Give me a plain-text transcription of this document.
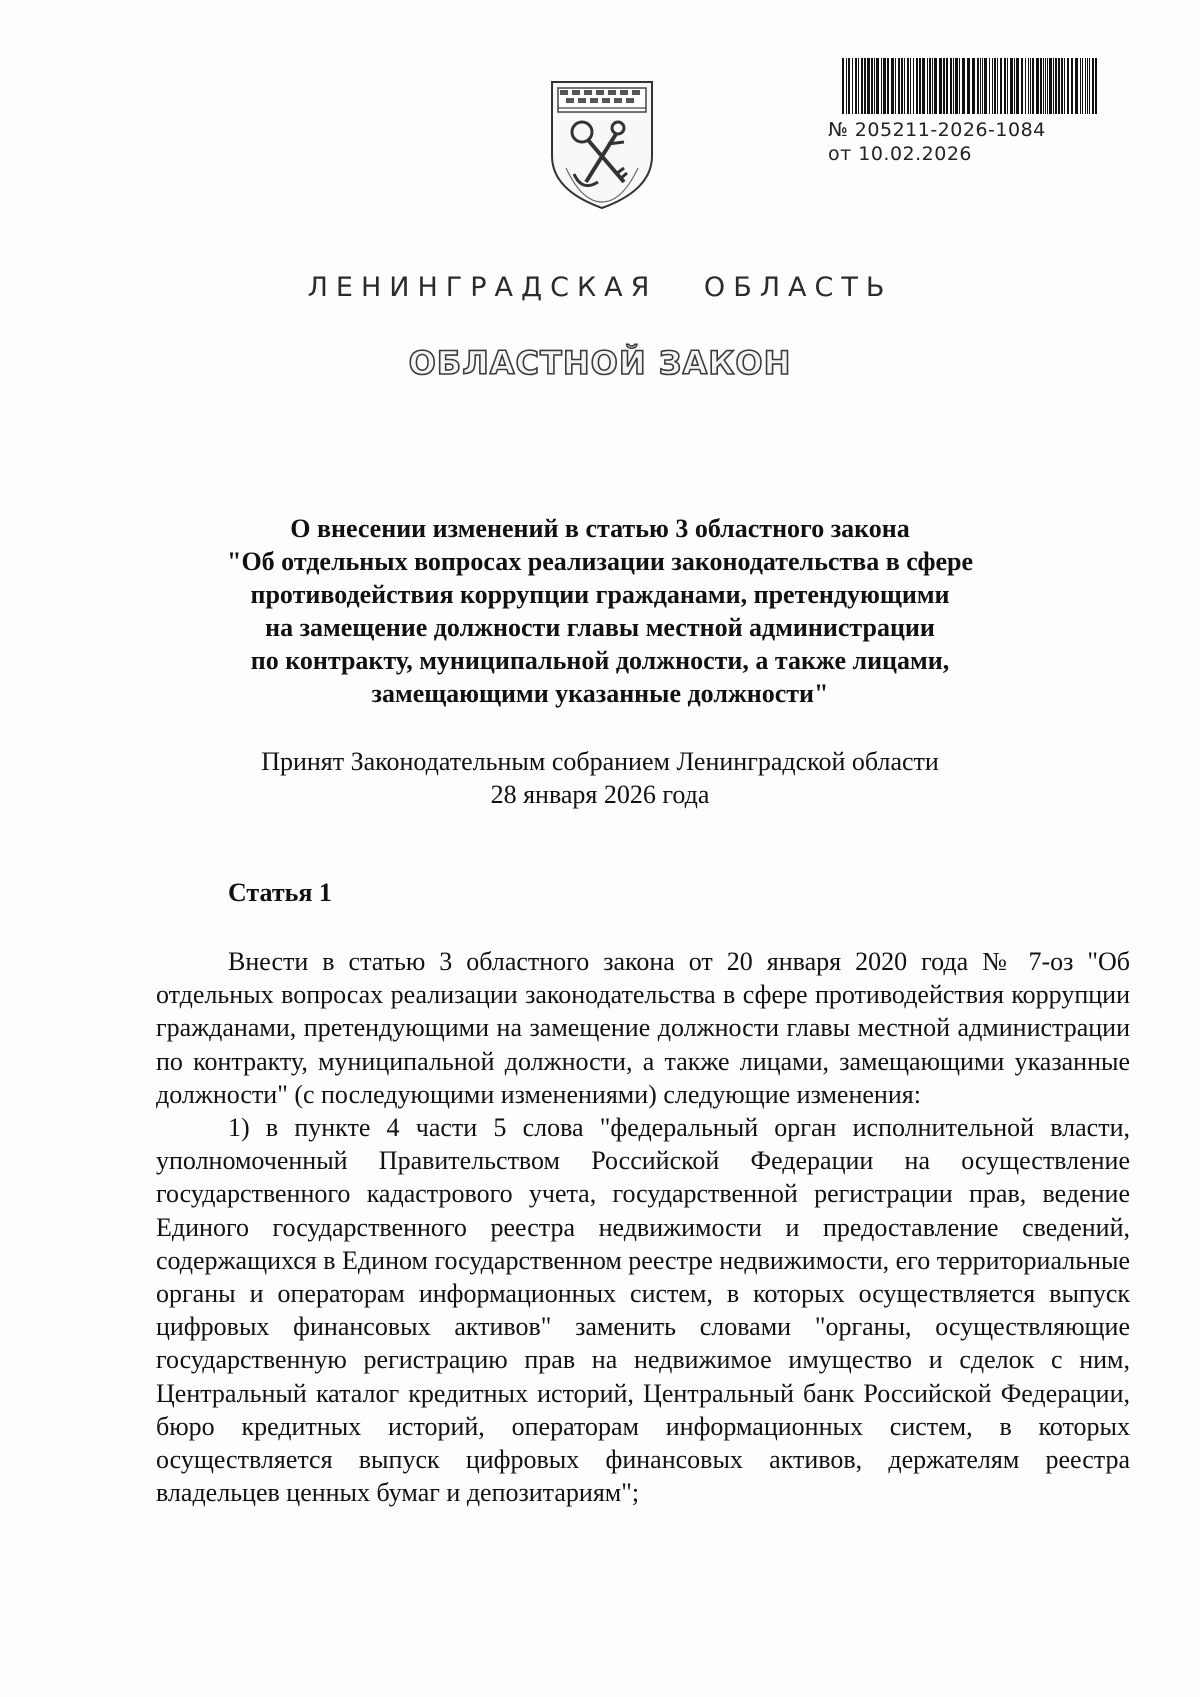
№ 205211-2026-1084
от 10.02.2026
ЛЕНИНГРАДСКАЯ ОБЛАСТЬ
ОБЛАСТНОЙ ЗАКОН
О внесении изменений в статью 3 областного закона
"Об отдельных вопросах реализации законодательства в сфере
противодействия коррупции гражданами, претендующими
на замещение должности главы местной администрации
по контракту, муниципальной должности, а также лицами,
замещающими указанные должности"
Принят Законодательным собранием Ленинградской области
28 января 2026 года
Статья 1

Внести в статью 3 областного закона от 20 января 2020 года № 7-оз "Об отдельных вопросах реализации законодательства в сфере противодействия коррупции гражданами, претендующими на замещение должности главы местной администрации по контракту, муниципальной должности, а также лицами, замещающими указанные должности" (с последующими изменениями) следующие изменения:

1) в пункте 4 части 5 слова "федеральный орган исполнительной власти, уполномоченный Правительством Российской Федерации на осуществление государственного кадастрового учета, государственной регистрации прав, ведение Единого государственного реестра недвижимости и предоставление сведений, содержащихся в Едином государственном реестре недвижимости, его территориальные органы и операторам информационных систем, в которых осуществляется выпуск цифровых финансовых активов" заменить словами "органы, осуществляющие государственную регистрацию прав на недвижимое имущество и сделок с ним, Центральный каталог кредитных историй, Центральный банк Российской Федерации, бюро кредитных историй, операторам информационных систем, в которых осуществляется выпуск цифровых финансовых активов, держателям реестра владельцев ценных бумаг и депозитариям";
